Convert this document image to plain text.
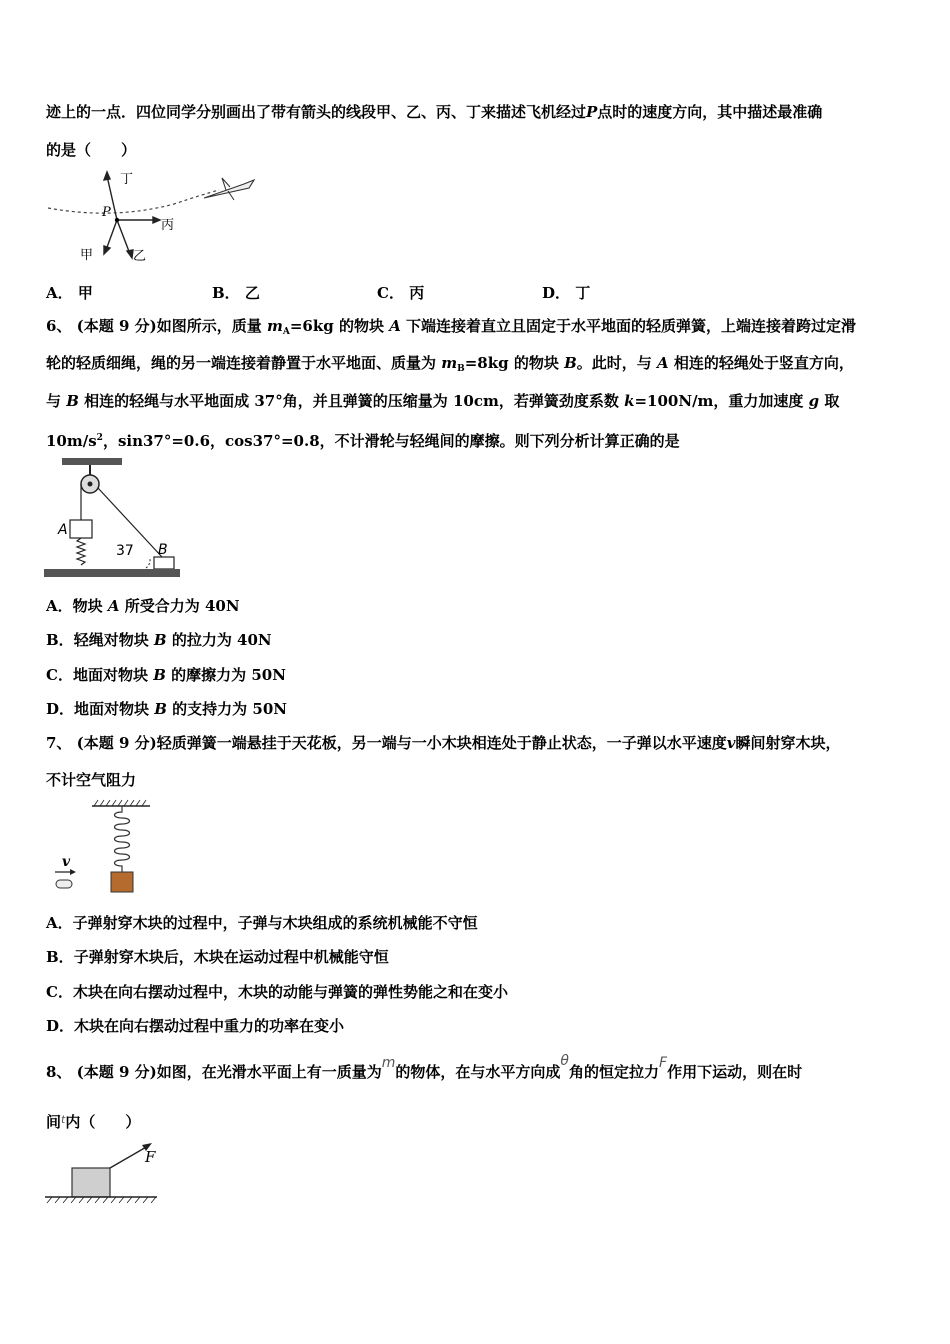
迹上的一点．四位同学分别画出了带有箭头的线段甲、乙、丙、丁来描述飞机经过P点时的速度方向，其中描述最准确
的是（　　）
丁
P
丙
甲	乙
A． 甲	B． 乙	C． 丙	D． 丁
6、 (本题 9 分)如图所示，质量 $m_A=6kg$ 的物块 A 下端连接着直立且固定于水平地面的轻质弹簧，上端连接着跨过定滑
轮的轻质细绳，绳的另一端连接着静置于水平地面、质量为 $m_B=8kg$ 的物块 B。此时，与 A 相连的轻绳处于竖直方向，
与 B 相连的轻绳与水平地面成 37°角，并且弹簧的压缩量为 10cm，若弹簧劲度系数 k=100N/m，重力加速度 g 取
$10m/s^2$，sin37°=0.6，cos37°=0.8，不计滑轮与轻绳间的摩擦。则下列分析计算正确的是
A
37 B
A．物块 A 所受合力为 40N
B．轻绳对物块 B 的拉力为 40N
C．地面对物块 B 的摩擦力为 50N
D．地面对物块 B 的支持力为 50N
7、 (本题 9 分)轻质弹簧一端悬挂于天花板，另一端与一小木块相连处于静止状态，一子弹以水平速度v瞬间射穿木块，
不计空气阻力
v
A．子弹射穿木块的过程中，子弹与木块组成的系统机械能不守恒
B．子弹射穿木块后，木块在运动过程中机械能守恒
C．木块在向右摆动过程中，木块的动能与弹簧的弹性势能之和在变小
D．木块在向右摆动过程中重力的功率在变小
8、 (本题 9 分)如图，在光滑水平面上有一质量为m的物体，在与水平方向成θ角的恒定拉力F作用下运动，则在时
间$^t$内（　　）
F
